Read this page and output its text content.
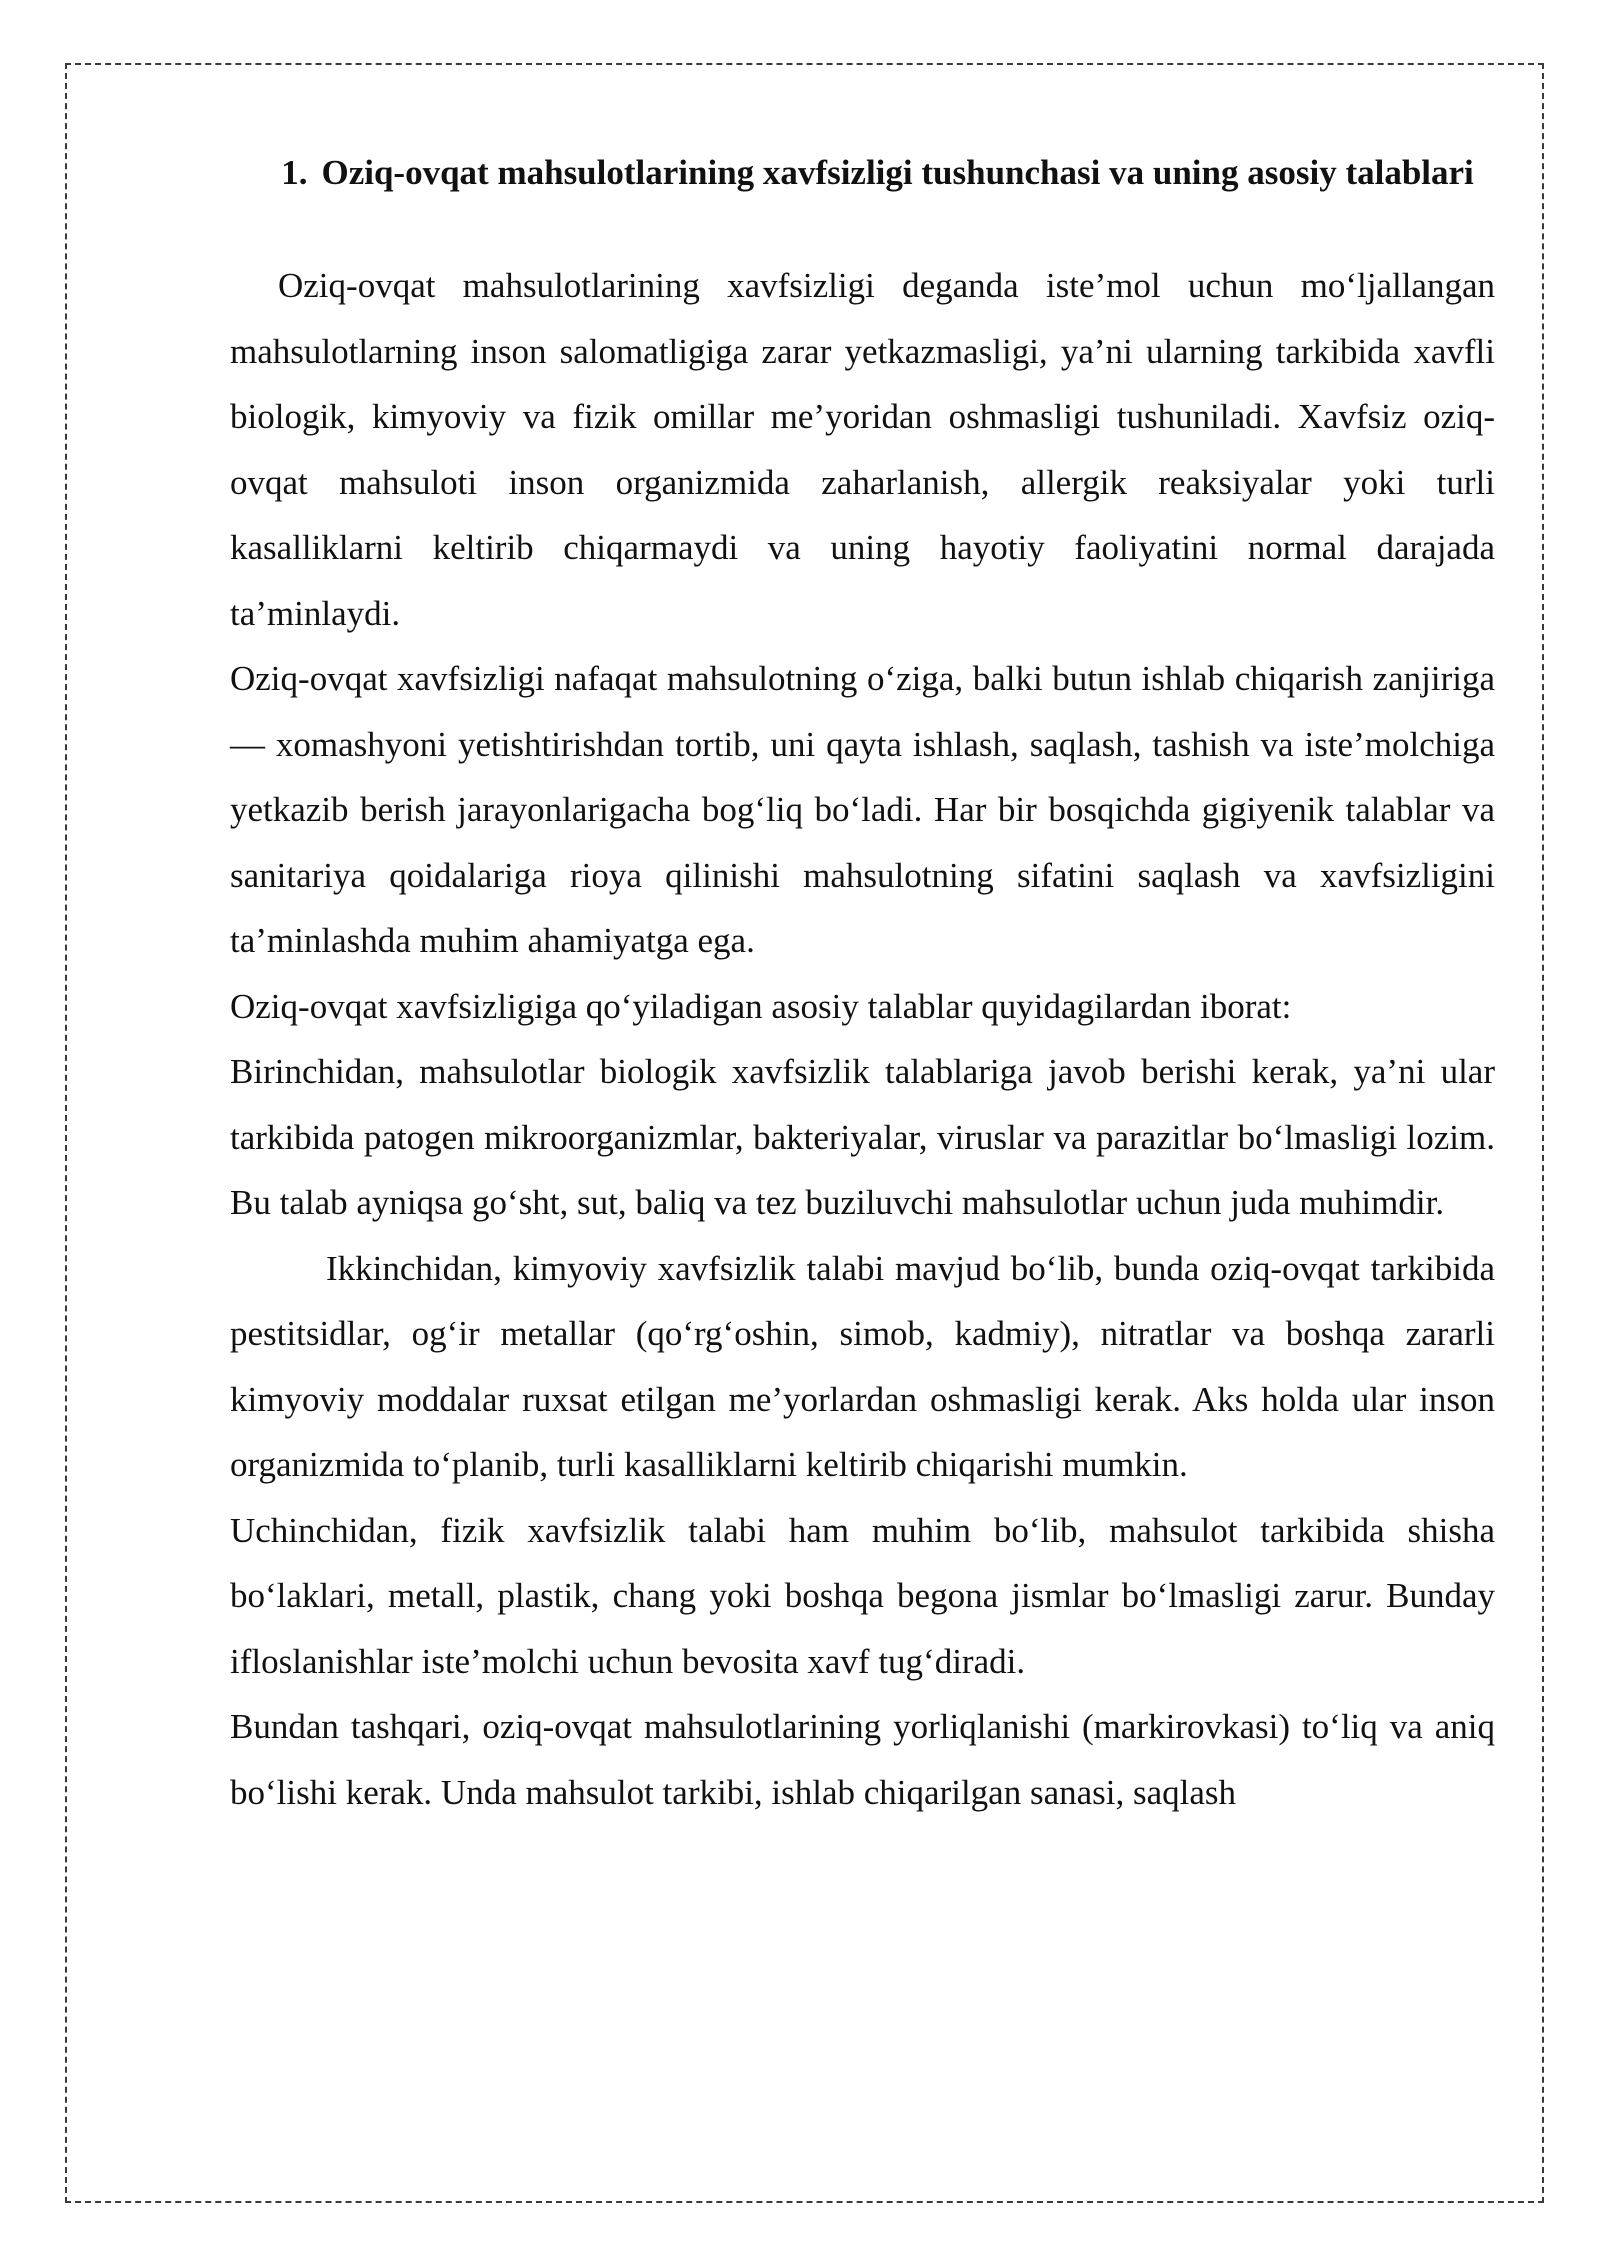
1. Oziq-ovqat mahsulotlarining xavfsizligi tushunchasi va uning asosiy talablari

Oziq-ovqat mahsulotlarining xavfsizligi deganda iste’mol uchun mo‘ljallangan mahsulotlarning inson salomatligiga zarar yetkazmasligi, ya’ni ularning tarkibida xavfli biologik, kimyoviy va fizik omillar me’yoridan oshmasligi tushuniladi. Xavfsiz oziq-ovqat mahsuloti inson organizmida zaharlanish, allergik reaksiyalar yoki turli kasalliklarni keltirib chiqarmaydi va uning hayotiy faoliyatini normal darajada ta’minlaydi.

Oziq-ovqat xavfsizligi nafaqat mahsulotning o‘ziga, balki butun ishlab chiqarish zanjiriga — xomashyoni yetishtirishdan tortib, uni qayta ishlash, saqlash, tashish va iste’molchiga yetkazib berish jarayonlarigacha bog‘liq bo‘ladi. Har bir bosqichda gigiyenik talablar va sanitariya qoidalariga rioya qilinishi mahsulotning sifatini saqlash va xavfsizligini ta’minlashda muhim ahamiyatga ega.

Oziq-ovqat xavfsizligiga qo‘yiladigan asosiy talablar quyidagilardan iborat:

Birinchidan, mahsulotlar biologik xavfsizlik talablariga javob berishi kerak, ya’ni ular tarkibida patogen mikroorganizmlar, bakteriyalar, viruslar va parazitlar bo‘lmasligi lozim. Bu talab ayniqsa go‘sht, sut, baliq va tez buziluvchi mahsulotlar uchun juda muhimdir.

Ikkinchidan, kimyoviy xavfsizlik talabi mavjud bo‘lib, bunda oziq-ovqat tarkibida pestitsidlar, og‘ir metallar (qo‘rg‘oshin, simob, kadmiy), nitratlar va boshqa zararli kimyoviy moddalar ruxsat etilgan me’yorlardan oshmasligi kerak. Aks holda ular inson organizmida to‘planib, turli kasalliklarni keltirib chiqarishi mumkin.

Uchinchidan, fizik xavfsizlik talabi ham muhim bo‘lib, mahsulot tarkibida shisha bo‘laklari, metall, plastik, chang yoki boshqa begona jismlar bo‘lmasligi zarur. Bunday ifloslanishlar iste’molchi uchun bevosita xavf tug‘diradi.

Bundan tashqari, oziq-ovqat mahsulotlarining yorliqlanishi (markirovkasi) to‘liq va aniq bo‘lishi kerak. Unda mahsulot tarkibi, ishlab chiqarilgan sanasi, saqlash
